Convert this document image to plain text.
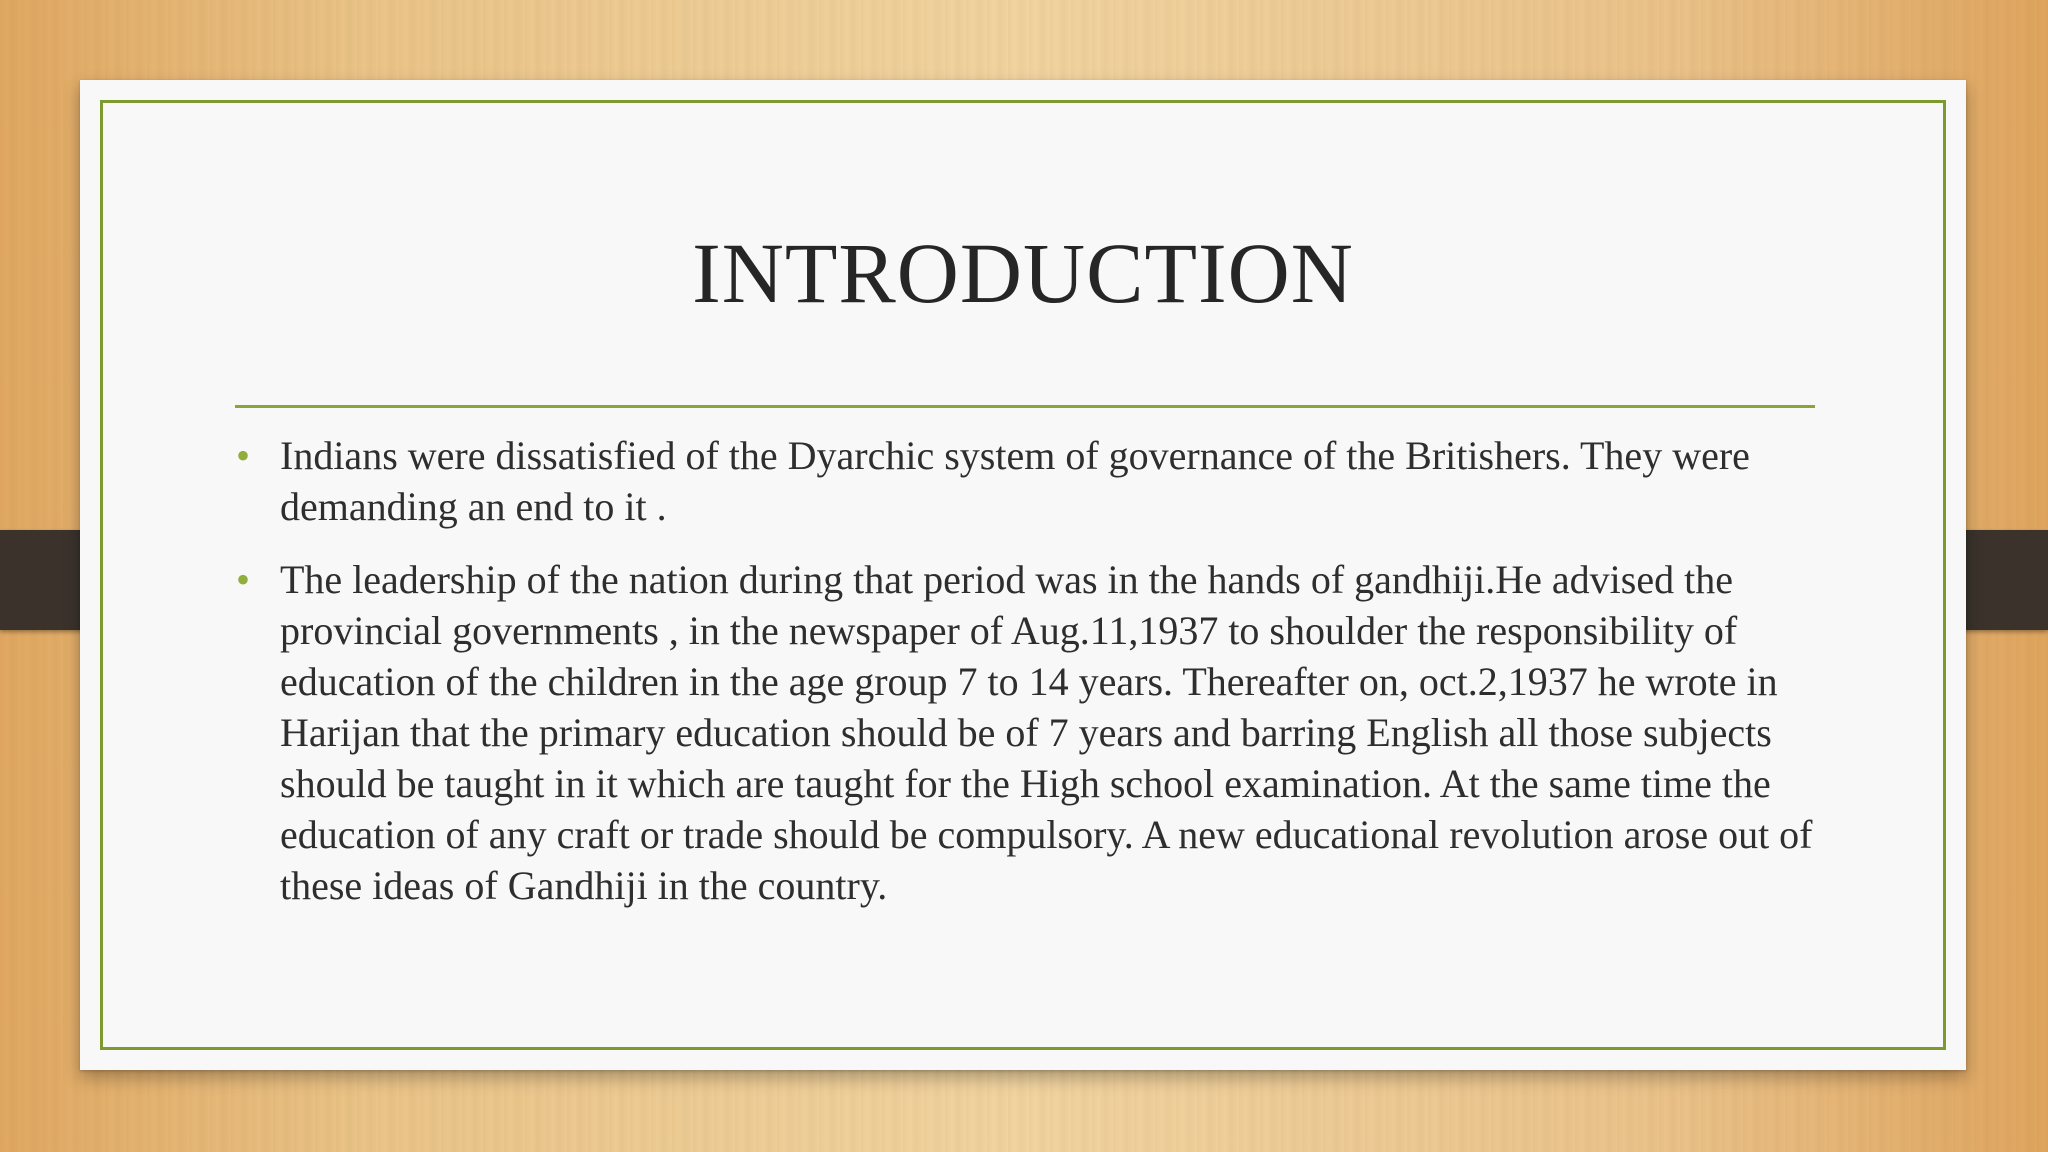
INTRODUCTION
• Indians were dissatisfied of the Dyarchic system of governance of the Britishers. They were demanding an end to it .
• The leadership of the nation during that period was in the hands of gandhiji.He advised the provincial governments , in the newspaper of Aug.11,1937 to shoulder the responsibility of education of the children in the age group 7 to 14 years. Thereafter on, oct.2,1937 he wrote in Harijan that the primary education should be of 7 years and barring English all those subjects should be taught in it which are taught for the High school examination. At the same time the education of any craft or trade should be compulsory. A new educational revolution arose out of these ideas of Gandhiji in the country.
